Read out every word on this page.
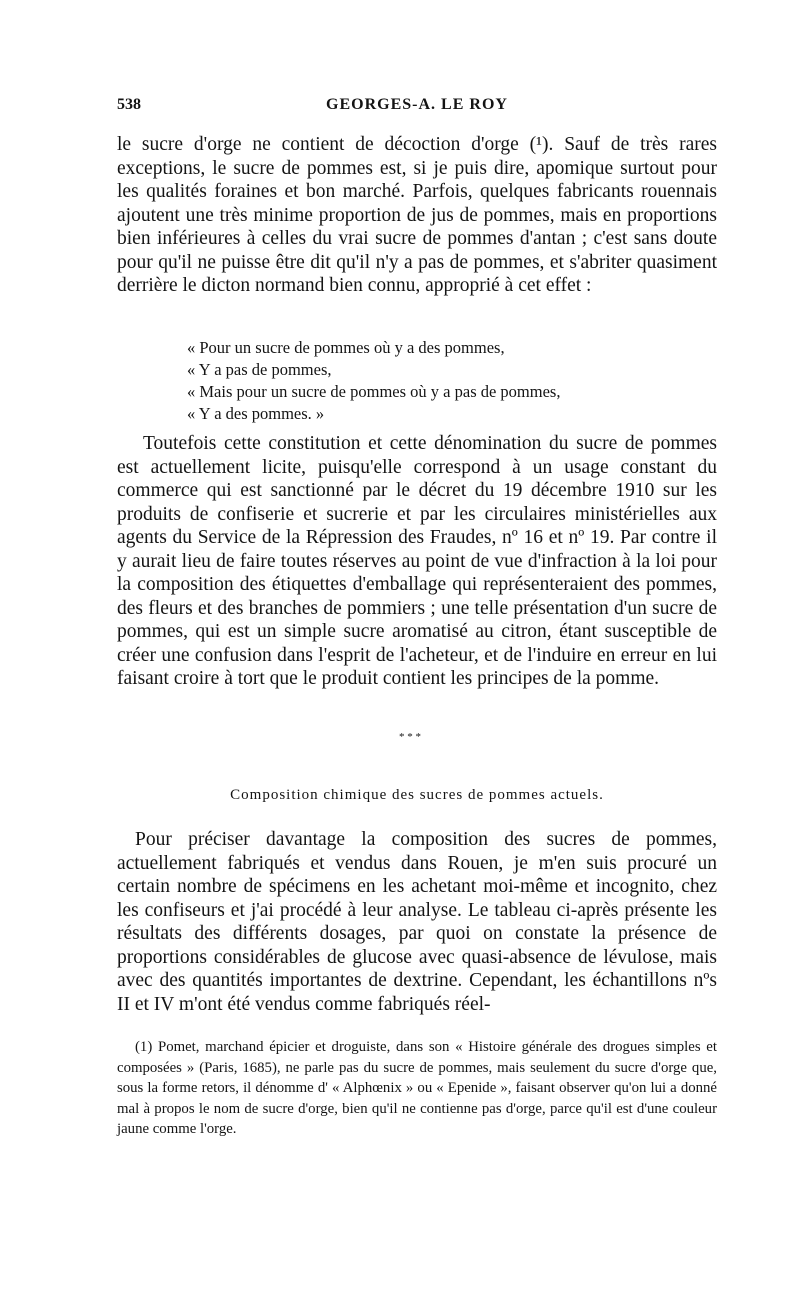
538	GEORGES-A. LE ROY

le sucre d'orge ne contient de décoction d'orge (¹). Sauf de très rares exceptions, le sucre de pommes est, si je puis dire, apomique surtout pour les qualités foraines et bon marché. Parfois, quelques fabricants rouennais ajoutent une très minime proportion de jus de pommes, mais en proportions bien inférieures à celles du vrai sucre de pommes d'antan ; c'est sans doute pour qu'il ne puisse être dit qu'il n'y a pas de pommes, et s'abriter quasiment derrière le dicton normand bien connu, approprié à cet effet :

« Pour un sucre de pommes où y a des pommes,
« Y a pas de pommes,
« Mais pour un sucre de pommes où y a pas de pommes,
« Y a des pommes. »

Toutefois cette constitution et cette dénomination du sucre de pommes est actuellement licite, puisqu'elle correspond à un usage constant du commerce qui est sanctionné par le décret du 19 décembre 1910 sur les produits de confiserie et sucrerie et par les circulaires ministérielles aux agents du Service de la Répression des Fraudes, nº 16 et nº 19. Par contre il y aurait lieu de faire toutes réserves au point de vue d'infraction à la loi pour la composition des étiquettes d'emballage qui représenteraient des pommes, des fleurs et des branches de pommiers ; une telle présentation d'un sucre de pommes, qui est un simple sucre aromatisé au citron, étant susceptible de créer une confusion dans l'esprit de l'acheteur, et de l'induire en erreur en lui faisant croire à tort que le produit contient les principes de la pomme.

* * *
Composition chimique des sucres de pommes actuels.

Pour préciser davantage la composition des sucres de pommes, actuellement fabriqués et vendus dans Rouen, je m'en suis procuré un certain nombre de spécimens en les achetant moi-même et incognito, chez les confiseurs et j'ai procédé à leur analyse. Le tableau ci-après présente les résultats des différents dosages, par quoi on constate la présence de proportions considérables de glucose avec quasi-absence de lévulose, mais avec des quantités importantes de dextrine. Cependant, les échantillons nºs II et IV m'ont été vendus comme fabriqués réel-

(1) Pomet, marchand épicier et droguiste, dans son « Histoire générale des drogues simples et composées » (Paris, 1685), ne parle pas du sucre de pommes, mais seulement du sucre d'orge que, sous la forme retors, il dénomme d' « Alphœnix » ou « Epenide », faisant observer qu'on lui a donné mal à propos le nom de sucre d'orge, bien qu'il ne contienne pas d'orge, parce qu'il est d'une couleur jaune comme l'orge.
